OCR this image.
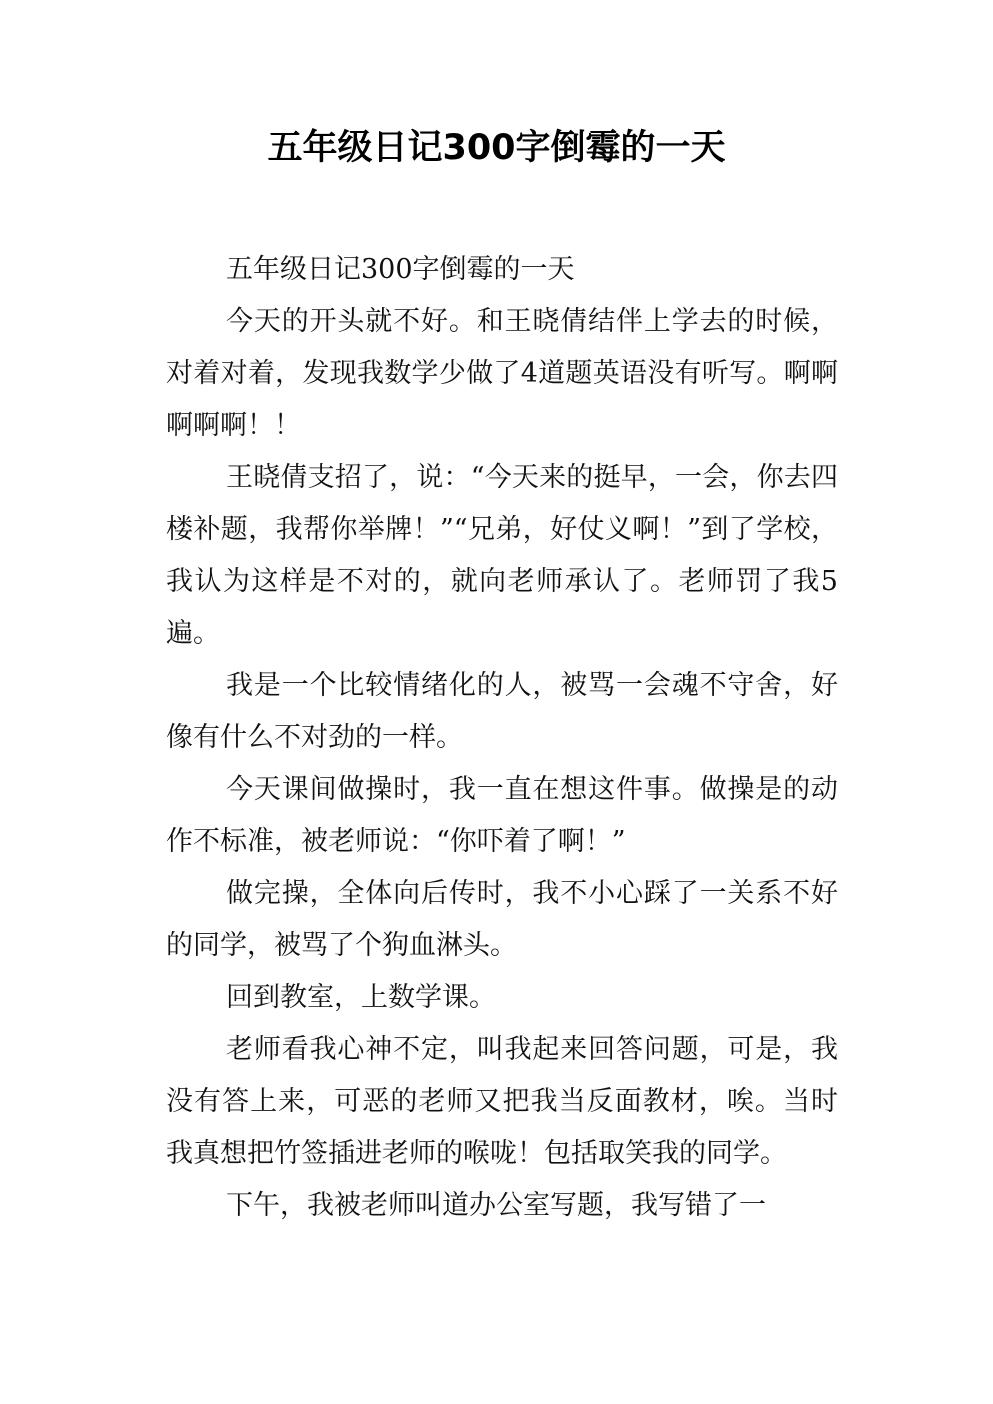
五年级日记300字倒霉的一天

五年级日记300字倒霉的一天

今天的开头就不好。和王晓倩结伴上学去的时候，对着对着，发现我数学少做了4道题英语没有听写。啊啊啊啊啊！！

王晓倩支招了，说：“今天来的挺早，一会，你去四楼补题，我帮你举牌！”“兄弟，好仗义啊！”到了学校，我认为这样是不对的，就向老师承认了。老师罚了我5遍。

我是一个比较情绪化的人，被骂一会魂不守舍，好像有什么不对劲的一样。

今天课间做操时，我一直在想这件事。做操是的动作不标准，被老师说：“你吓着了啊！”

做完操，全体向后传时，我不小心踩了一关系不好的同学，被骂了个狗血淋头。

回到教室，上数学课。

老师看我心神不定，叫我起来回答问题，可是，我没有答上来，可恶的老师又把我当反面教材，唉。当时我真想把竹签插进老师的喉咙！包括取笑我的同学。

下午，我被老师叫道办公室写题，我写错了一
